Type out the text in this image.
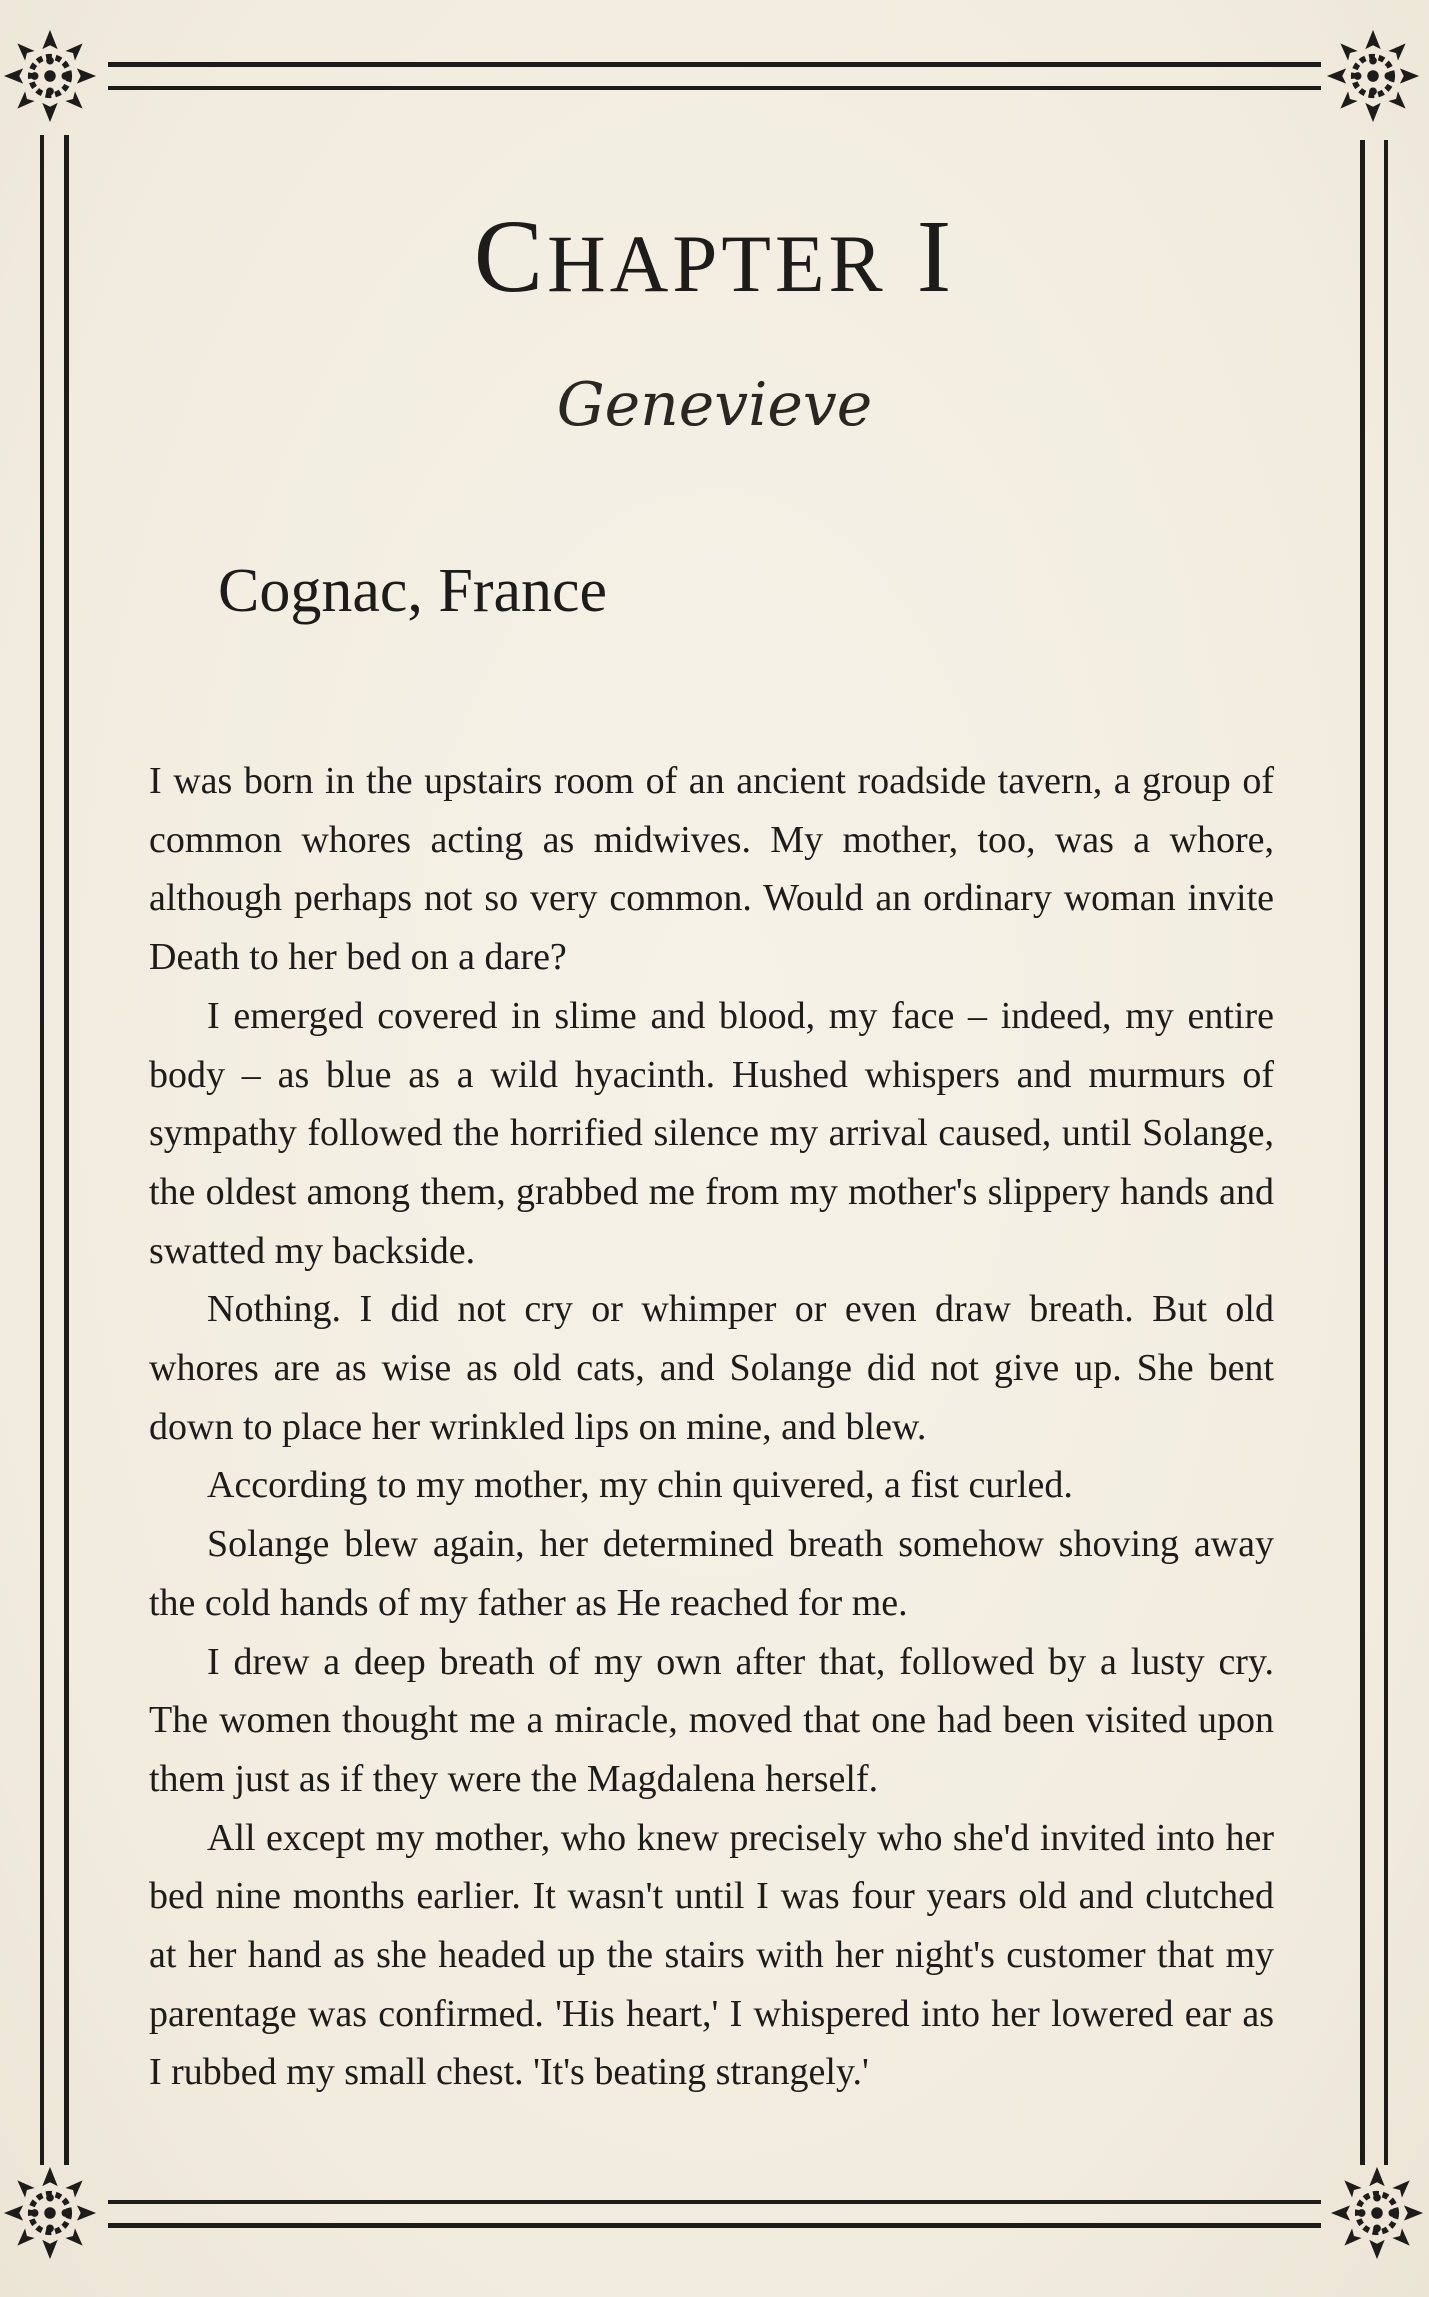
CHAPTER I
Genevieve
Cognac, France

I was born in the upstairs room of an ancient roadside tavern, a group of common whores acting as midwives. My mother, too, was a whore, although perhaps not so very common. Would an ordinary woman invite Death to her bed on a dare?

I emerged covered in slime and blood, my face – indeed, my entire body – as blue as a wild hyacinth. Hushed whispers and murmurs of sympathy followed the horrified silence my arrival caused, until Solange, the oldest among them, grabbed me from my mother's slippery hands and swatted my backside.

Nothing. I did not cry or whimper or even draw breath. But old whores are as wise as old cats, and Solange did not give up. She bent down to place her wrinkled lips on mine, and blew.

According to my mother, my chin quivered, a fist curled.

Solange blew again, her determined breath somehow shoving away the cold hands of my father as He reached for me.

I drew a deep breath of my own after that, followed by a lusty cry. The women thought me a miracle, moved that one had been visited upon them just as if they were the Magdalena herself.

All except my mother, who knew precisely who she'd invited into her bed nine months earlier. It wasn't until I was four years old and clutched at her hand as she headed up the stairs with her night's customer that my parentage was confirmed. 'His heart,' I whispered into her lowered ear as I rubbed my small chest. 'It's beating strangely.'
